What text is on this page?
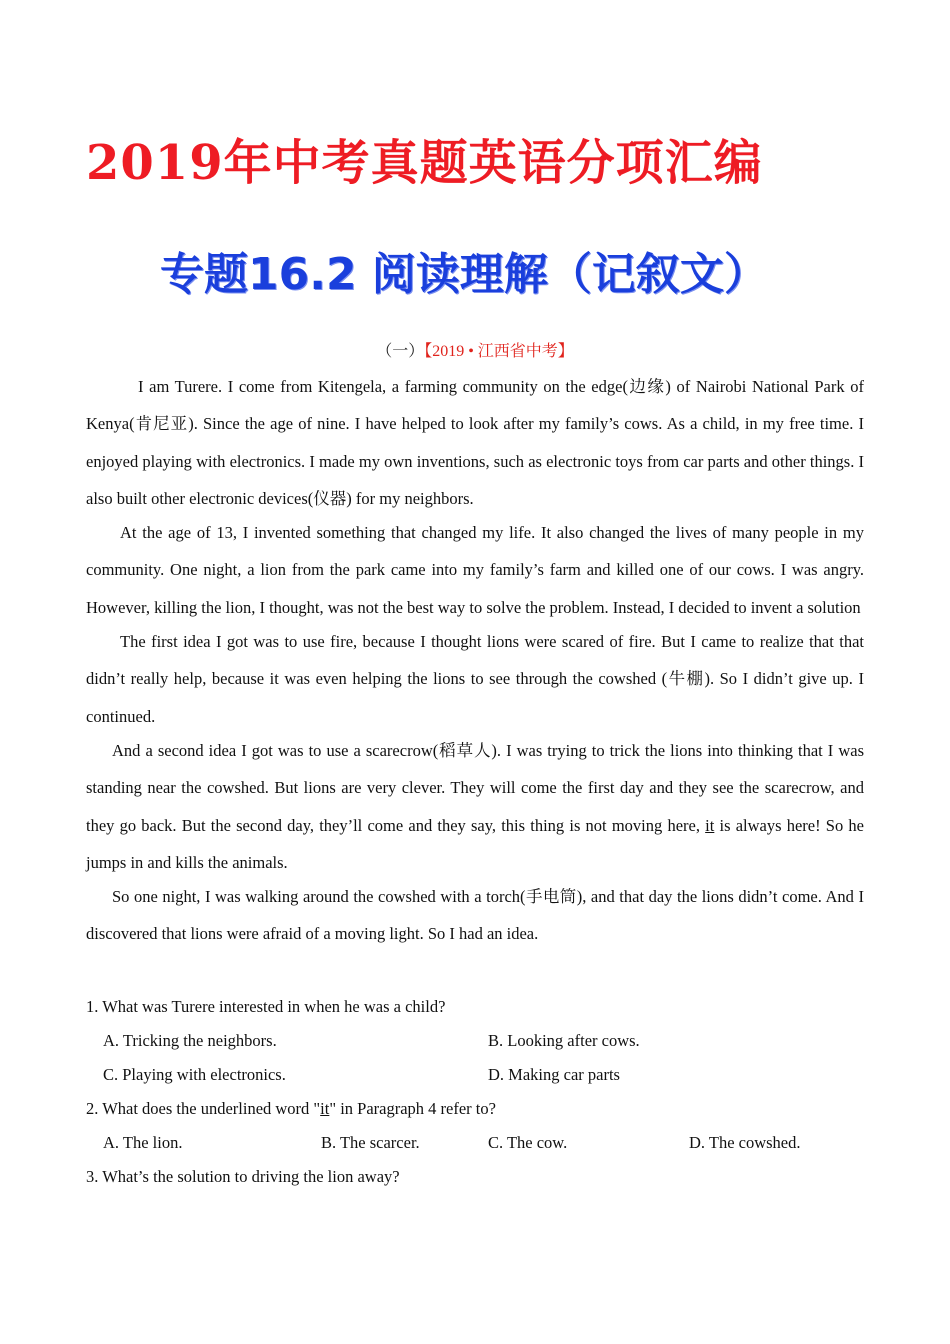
2019年中考真题英语分项汇编
专题16.2 阅读理解（记叙文）
（一）【2019 • 江西省中考】

I am Turere. I come from Kitengela, a farming community on the edge(边缘) of Nairobi National Park of Kenya(肯尼亚). Since the age of nine. I have helped to look after my family’s cows. As a child, in my free time. I enjoyed playing with electronics. I made my own inventions, such as electronic toys from car parts and other things. I also built other electronic devices(仪器) for my neighbors.

At the age of 13, I invented something that changed my life. It also changed the lives of many people in my community. One night, a lion from the park came into my family’s farm and killed one of our cows. I was angry. However, killing the lion, I thought, was not the best way to solve the problem. Instead, I decided to invent a solution

The first idea I got was to use fire, because I thought lions were scared of fire. But I came to realize that that didn’t really help, because it was even helping the lions to see through the cowshed (牛棚). So I didn’t give up. I continued.

And a second idea I got was to use a scarecrow(稻草人). I was trying to trick the lions into thinking that I was standing near the cowshed. But lions are very clever. They will come the first day and they see the scarecrow, and they go back. But the second day, they’ll come and they say, this thing is not moving here, it is always here! So he jumps in and kills the animals.

So one night, I was walking around the cowshed with a torch(手电筒), and that day the lions didn’t come. And I discovered that lions were afraid of a moving light. So I had an idea.

1. What was Turere interested in when he was a child?

A. Tricking the neighbors.	B. Looking after cows.
C. Playing with electronics.	D. Making car parts

2. What does the underlined word "it" in Paragraph 4 refer to?

A. The lion.	B. The scarcer.	C. The cow.	D. The cowshed.

3. What’s the solution to driving the lion away?
